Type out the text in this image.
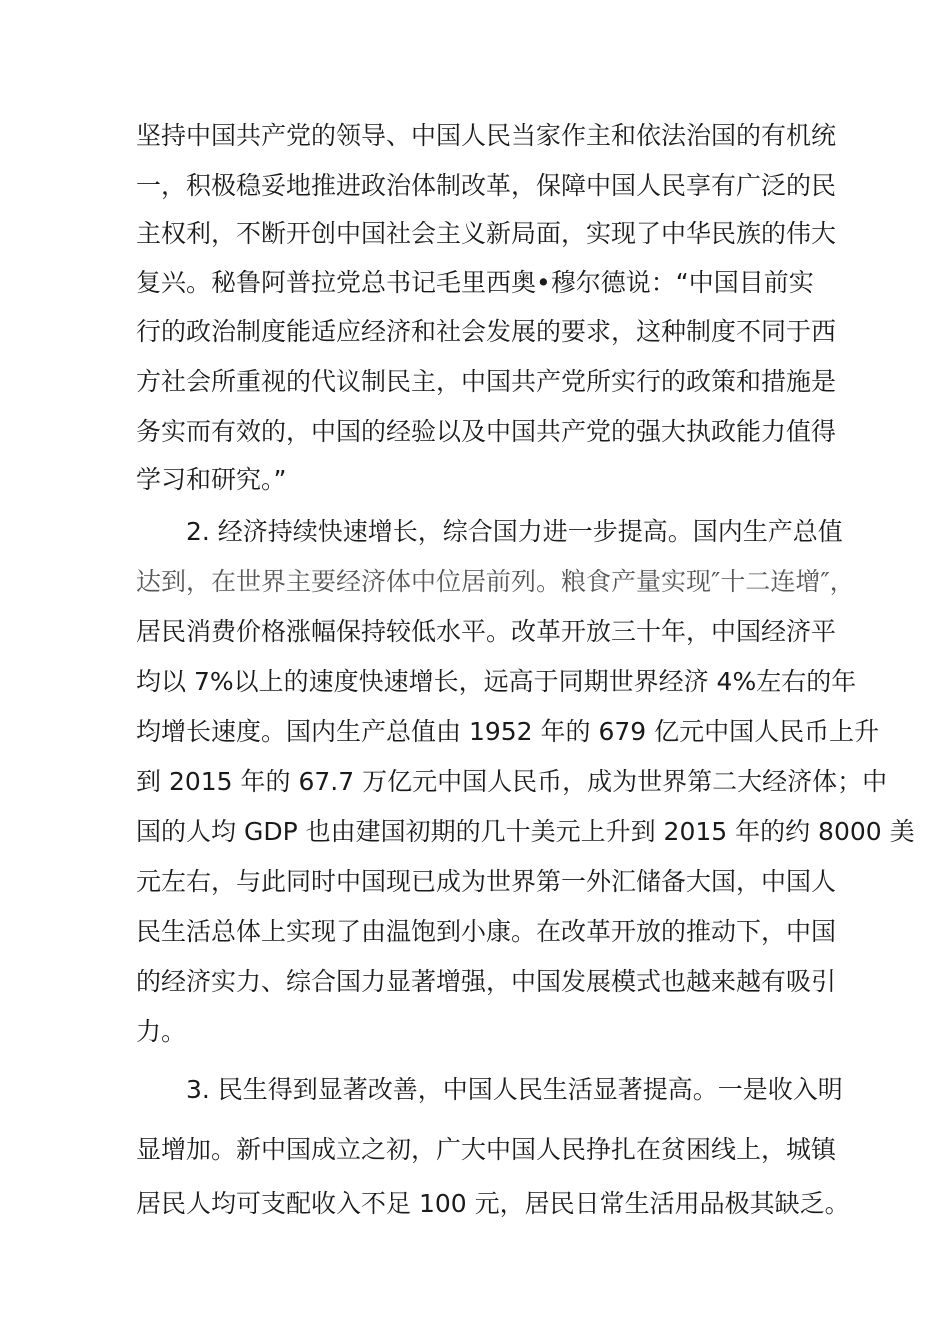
坚持中国共产党的领导、中国人民当家作主和依法治国的有机统
一，积极稳妥地推进政治体制改革，保障中国人民享有广泛的民
主权利，不断开创中国社会主义新局面，实现了中华民族的伟大
复兴。秘鲁阿普拉党总书记毛里西奥•穆尔德说：“中国目前实
行的政治制度能适应经济和社会发展的要求，这种制度不同于西
方社会所重视的代议制民主，中国共产党所实行的政策和措施是
务实而有效的，中国的经验以及中国共产党的强大执政能力值得
学习和研究。”
2. 经济持续快速增长，综合国力进一步提高。国内生产总值
达到，在世界主要经济体中位居前列。粮食产量实现″十二连增″，
居民消费价格涨幅保持较低水平。改革开放三十年，中国经济平
均以 7%以上的速度快速增长，远高于同期世界经济 4%左右的年
均增长速度。国内生产总值由 1952 年的 679 亿元中国人民币上升
到 2015 年的 67.7 万亿元中国人民币，成为世界第二大经济体；中
国的人均 GDP 也由建国初期的几十美元上升到 2015 年的约 8000 美
元左右，与此同时中国现已成为世界第一外汇储备大国，中国人
民生活总体上实现了由温饱到小康。在改革开放的推动下，中国
的经济实力、综合国力显著增强，中国发展模式也越来越有吸引
力。
3. 民生得到显著改善，中国人民生活显著提高。一是收入明
显增加。新中国成立之初，广大中国人民挣扎在贫困线上，城镇
居民人均可支配收入不足 100 元，居民日常生活用品极其缺乏。
